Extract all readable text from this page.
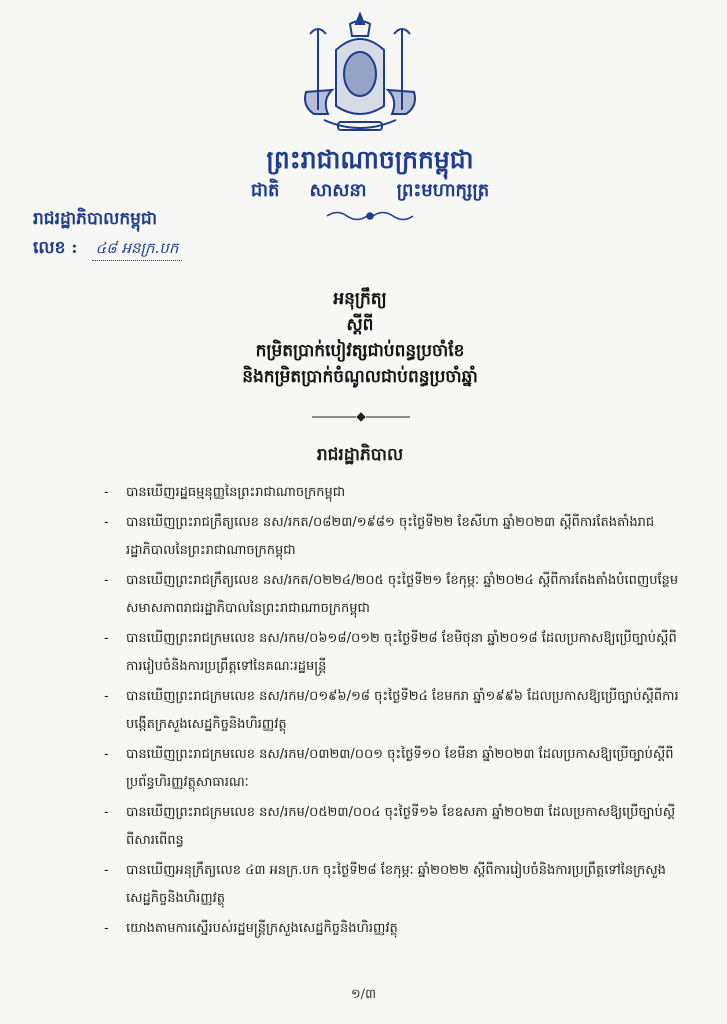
ព្រះរាជាណាចក្រកម្ពុជា
ជាតិ សាសនា ព្រះមហាក្សត្រ
រាជរដ្ឋាភិបាលកម្ពុជា
លេខ : ៤៨ អនក្រ.បក
អនុក្រឹត្យ
ស្ដីពី
កម្រិតប្រាក់បៀវត្សជាប់ពន្ធប្រចាំខែ
និងកម្រិតប្រាក់ចំណូលជាប់ពន្ធប្រចាំឆ្នាំ
រាជរដ្ឋាភិបាល
-	បានឃើញរដ្ឋធម្មនុញ្ញនៃព្រះរាជាណាចក្រកម្ពុជា
-	បានឃើញព្រះរាជក្រឹត្យលេខ នស/រកត/០៨២៣/១៩៨១ ចុះថ្ងៃទី២២ ខែសីហា ឆ្នាំ២០២៣ ស្ដីពីការតែងតាំងរាជរដ្ឋាភិបាលនៃព្រះរាជាណាចក្រកម្ពុជា
-	បានឃើញព្រះរាជក្រឹត្យលេខ នស/រកត/០២២៤/២០៥ ចុះថ្ងៃទី២១ ខែកុម្ភៈ ឆ្នាំ២០២៤ ស្ដីពីការតែងតាំងបំពេញបន្ថែមសមាសភាពរាជរដ្ឋាភិបាលនៃព្រះរាជាណាចក្រកម្ពុជា
-	បានឃើញព្រះរាជក្រមលេខ នស/រកម/០៦១៨/០១២ ចុះថ្ងៃទី២៨ ខែមិថុនា ឆ្នាំ២០១៨ ដែលប្រកាសឱ្យប្រើច្បាប់ស្ដីពីការរៀបចំនិងការប្រព្រឹត្តទៅនៃគណៈរដ្ឋមន្ត្រី
-	បានឃើញព្រះរាជក្រមលេខ នស/រកម/០១៩៦/១៨ ចុះថ្ងៃទី២៤ ខែមករា ឆ្នាំ១៩៩៦ ដែលប្រកាសឱ្យប្រើច្បាប់ស្ដីពីការបង្កើតក្រសួងសេដ្ឋកិច្ចនិងហិរញ្ញវត្ថុ
-	បានឃើញព្រះរាជក្រមលេខ នស/រកម/០៣២៣/០០១ ចុះថ្ងៃទី១០ ខែមីនា ឆ្នាំ២០២៣ ដែលប្រកាសឱ្យប្រើច្បាប់ស្ដីពីប្រព័ន្ធហិរញ្ញវត្ថុសាធារណៈ
-	បានឃើញព្រះរាជក្រមលេខ នស/រកម/០៥២៣/០០៤ ចុះថ្ងៃទី១៦ ខែឧសភា ឆ្នាំ២០២៣ ដែលប្រកាសឱ្យប្រើច្បាប់ស្ដីពីសារពើពន្ធ
-	បានឃើញអនុក្រឹត្យលេខ ៤៣ អនក្រ.បក ចុះថ្ងៃទី២៨ ខែកុម្ភៈ ឆ្នាំ២០២២ ស្ដីពីការរៀបចំនិងការប្រព្រឹត្តទៅនៃក្រសួងសេដ្ឋកិច្ចនិងហិរញ្ញវត្ថុ
-	យោងតាមការស្នើរបស់រដ្ឋមន្ត្រីក្រសួងសេដ្ឋកិច្ចនិងហិរញ្ញវត្ថុ
១/៣
